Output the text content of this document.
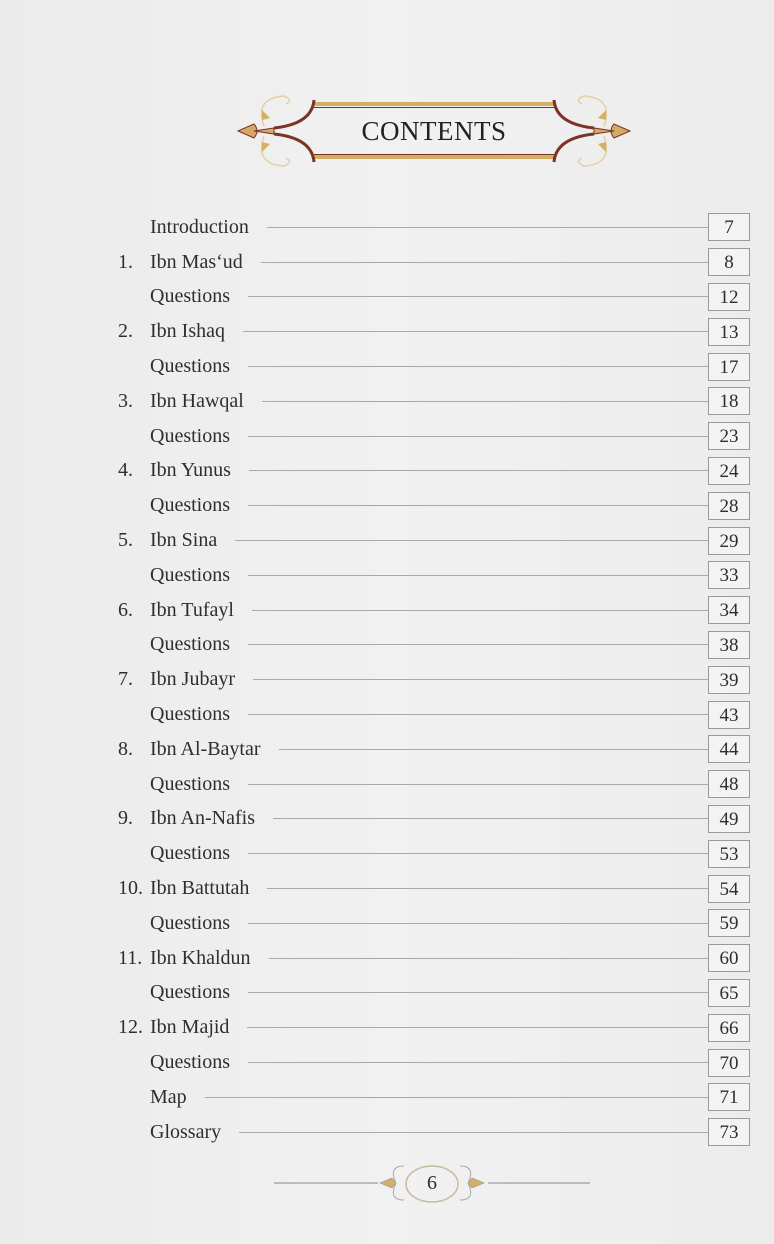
CONTENTS
Introduction	7
1. Ibn Mas‘ud	8
Questions	12
2. Ibn Ishaq	13
Questions	17
3. Ibn Hawqal	18
Questions	23
4. Ibn Yunus	24
Questions	28
5. Ibn Sina	29
Questions	33
6. Ibn Tufayl	34
Questions	38
7. Ibn Jubayr	39
Questions	43
8. Ibn Al-Baytar	44
Questions	48
9. Ibn An-Nafis	49
Questions	53
10. Ibn Battutah	54
Questions	59
11. Ibn Khaldun	60
Questions	65
12. Ibn Majid	66
Questions	70
Map	71
Glossary	73
6
